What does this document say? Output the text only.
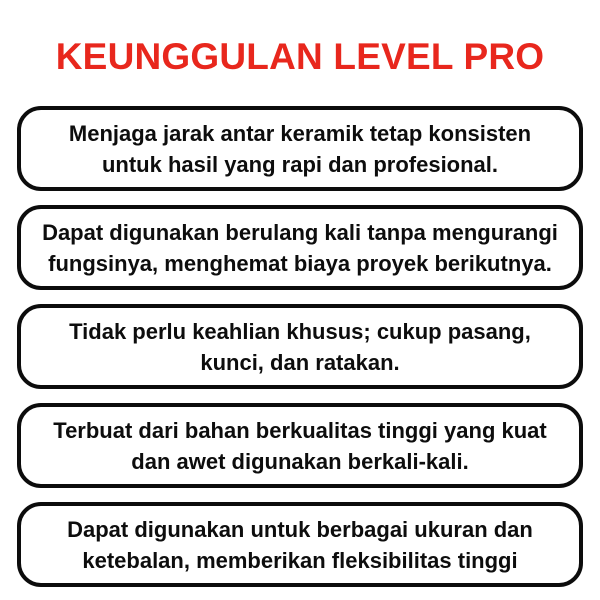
KEUNGGULAN LEVEL PRO
Menjaga jarak antar keramik tetap konsisten
untuk hasil yang rapi dan profesional.
Dapat digunakan berulang kali tanpa mengurangi
fungsinya, menghemat biaya proyek berikutnya.
Tidak perlu keahlian khusus; cukup pasang,
kunci, dan ratakan.
Terbuat dari bahan berkualitas tinggi yang kuat
dan awet digunakan berkali-kali.
Dapat digunakan untuk berbagai ukuran dan
ketebalan, memberikan fleksibilitas tinggi
